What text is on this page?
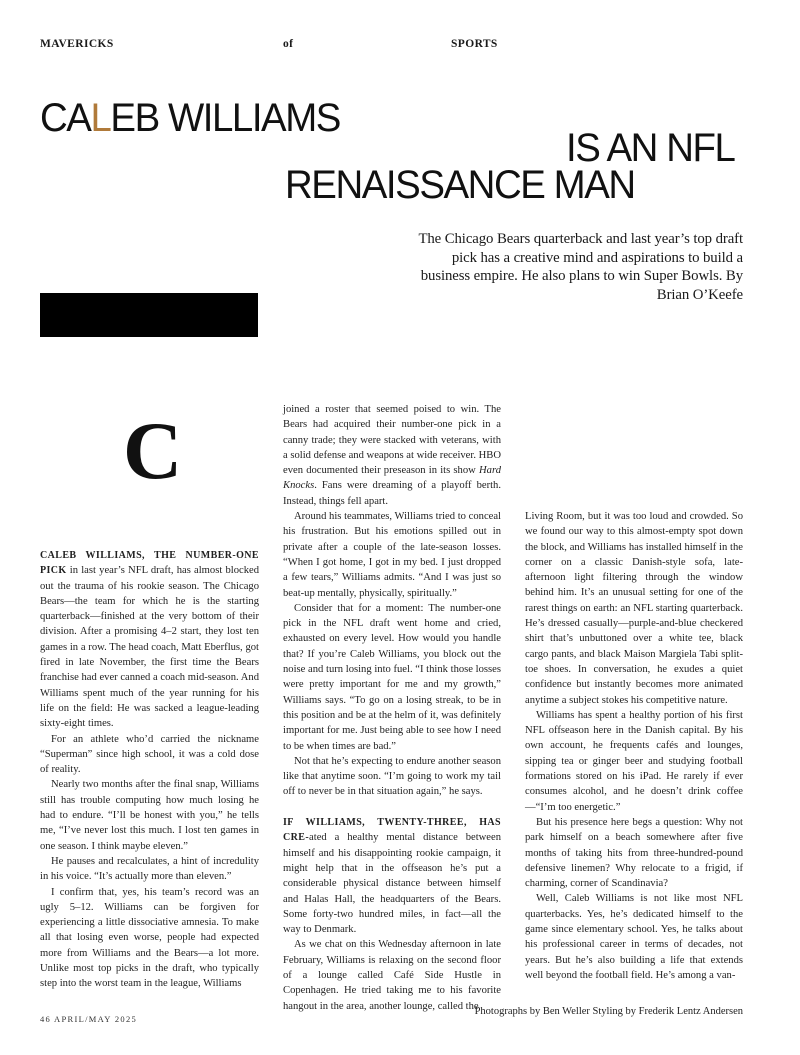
MAVERICKS	of	SPORTS
CALEB WILLIAMS
IS AN NFL
RENAISSANCE MAN
The Chicago Bears quarterback and last year’s top draft pick has a creative mind and aspirations to build a business empire. He also plans to win Super Bowls. By Brian O’Keefe
C

CALEB WILLIAMS, THE NUMBER-ONE PICK in last year’s NFL draft, has almost blocked out the trauma of his rookie season. The Chicago Bears—the team for which he is the starting quarterback—finished at the very bottom of their division. After a promising 4–2 start, they lost ten games in a row. The head coach, Matt Eberflus, got fired in late November, the first time the Bears franchise had ever canned a coach mid-season. And Williams spent much of the year running for his life on the field: He was sacked a league-leading sixty-eight times.

For an athlete who’d carried the nickname “Superman” since high school, it was a cold dose of reality.

Nearly two months after the final snap, Williams still has trouble computing how much losing he had to endure. “I’ll be honest with you,” he tells me, “I’ve never lost this much. I lost ten games in one season. I think maybe eleven.”

He pauses and recalculates, a hint of incredulity in his voice. “It’s actually more than eleven.”

I confirm that, yes, his team’s record was an ugly 5–12. Williams can be forgiven for experiencing a little dissociative amnesia. To make all that losing even worse, people had expected more from Williams and the Bears—a lot more. Unlike most top picks in the draft, who typically step into the worst team in the league, Williams

joined a roster that seemed poised to win. The Bears had acquired their number-one pick in a canny trade; they were stacked with veterans, with a solid defense and weapons at wide receiver. HBO even documented their preseason in its show Hard Knocks. Fans were dreaming of a playoff berth. Instead, things fell apart.

Around his teammates, Williams tried to conceal his frustration. But his emotions spilled out in private after a couple of the late-season losses. “When I got home, I got in my bed. I just dropped a few tears,” Williams admits. “And I was just so beat-up mentally, physically, spiritually.”

Consider that for a moment: The number-one pick in the NFL draft went home and cried, exhausted on every level. How would you handle that? If you’re Caleb Williams, you block out the noise and turn losing into fuel. “I think those losses were pretty important for me and my growth,” Williams says. “To go on a losing streak, to be in this position and be at the helm of it, was definitely important for me. Just being able to see how I need to be when times are bad.”

Not that he’s expecting to endure another season like that anytime soon. “I’m going to work my tail off to never be in that situation again,” he says.

IF WILLIAMS, TWENTY-THREE, HAS CRE-ated a healthy mental distance between himself and his disappointing rookie campaign, it might help that in the offseason he’s put a considerable physical distance between himself and Halas Hall, the headquarters of the Bears. Some forty-two hundred miles, in fact—all the way to Denmark.

As we chat on this Wednesday afternoon in late February, Williams is relaxing on the second floor of a lounge called Café Side Hustle in Copenhagen. He tried taking me to his favorite hangout in the area, another lounge, called the

Living Room, but it was too loud and crowded. So we found our way to this almost-empty spot down the block, and Williams has installed himself in the corner on a classic Danish-style sofa, late-afternoon light filtering through the window behind him. It’s an unusual setting for one of the rarest things on earth: an NFL starting quarterback. He’s dressed casually—purple-and-blue checkered shirt that’s unbuttoned over a white tee, black cargo pants, and black Maison Margiela Tabi split-toe shoes. In conversation, he exudes a quiet confidence but instantly becomes more animated anytime a subject stokes his competitive nature.

Williams has spent a healthy portion of his first NFL offseason here in the Danish capital. By his own account, he frequents cafés and lounges, sipping tea or ginger beer and studying football formations stored on his iPad. He rarely if ever consumes alcohol, and he doesn’t drink coffee—“I’m too energetic.”

But his presence here begs a question: Why not park himself on a beach somewhere after five months of taking hits from three-hundred-pound defensive linemen? Why relocate to a frigid, if charming, corner of Scandinavia?

Well, Caleb Williams is not like most NFL quarterbacks. Yes, he’s dedicated himself to the game since elementary school. Yes, he talks about his professional career in terms of decades, not years. But he’s also building a life that extends well beyond the football field. He’s among a van-

46 APRIL/MAY 2025
Photographs by Ben Weller Styling by Frederik Lentz Andersen
